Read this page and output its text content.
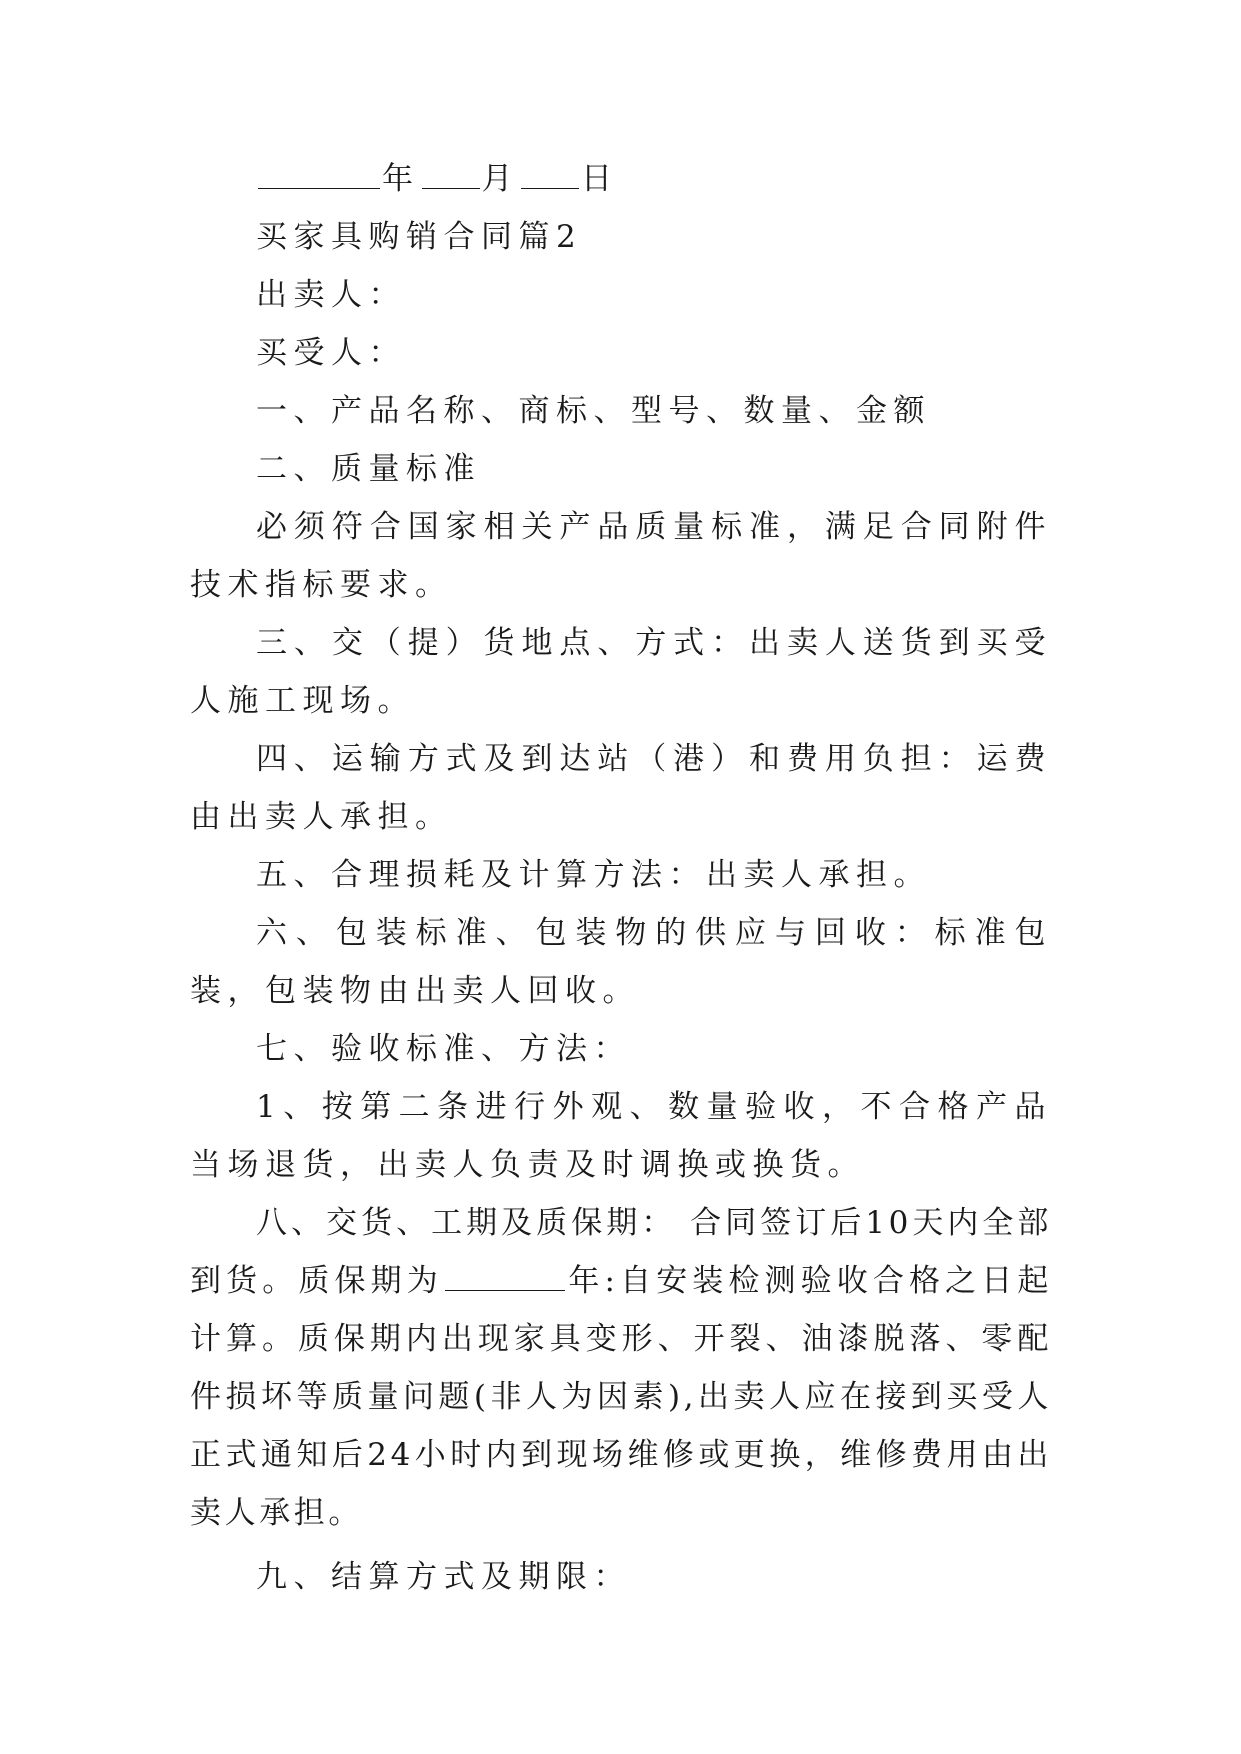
年 月 日

买家具购销合同篇2

出卖人：

买受人：

一、产品名称、商标、型号、数量、金额

二、质量标准

必须符合国家相关产品质量标准，满足合同附件技术指标要求。

三、交（提）货地点、方式：出卖人送货到买受人施工现场。

四、运输方式及到达站（港）和费用负担：运费由出卖人承担。

五、合理损耗及计算方法：出卖人承担。

六、包装标准、包装物的供应与回收：标准包装，包装物由出卖人回收。

七、验收标准、方法：

1、按第二条进行外观、数量验收，不合格产品当场退货，出卖人负责及时调换或换货。

八、交货、工期及质保期： 合同签订后10天内全部到货。质保期为	年:自安装检测验收合格之日起计算。质保期内出现家具变形、开裂、油漆脱落、零配件损坏等质量问题(非人为因素),出卖人应在接到买受人正式通知后24小时内到现场维修或更换，维修费用由出卖人承担。

九、结算方式及期限：
